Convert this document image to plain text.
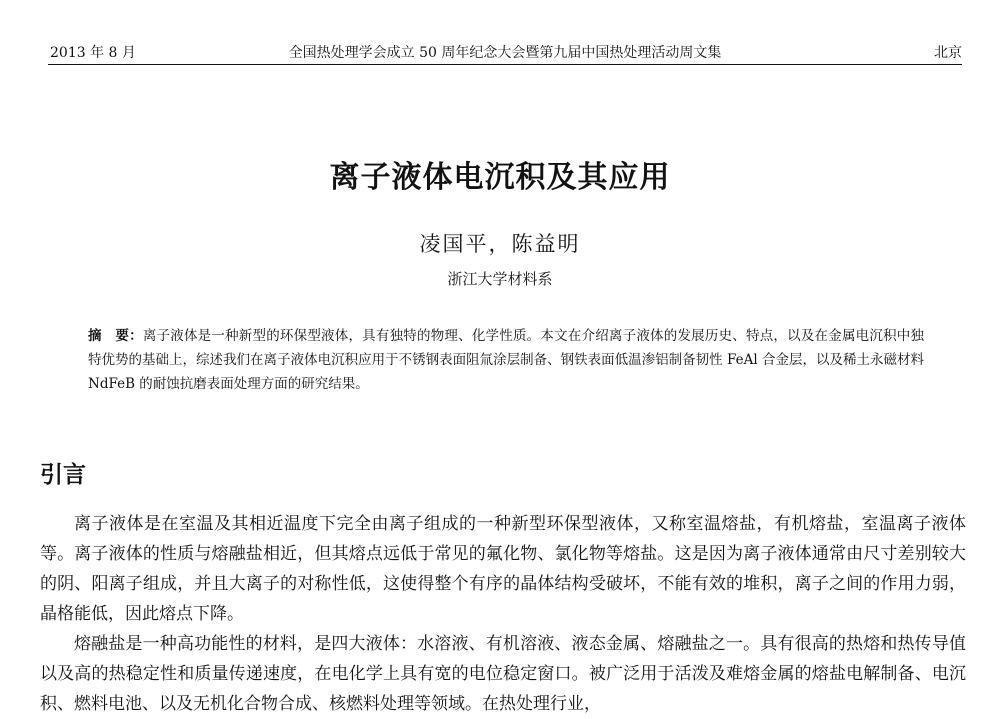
2013 年 8 月	全国热处理学会成立 50 周年纪念大会暨第九届中国热处理活动周文集	北京
离子液体电沉积及其应用
凌国平，陈益明
浙江大学材料系
摘　要：离子液体是一种新型的环保型液体，具有独特的物理、化学性质。本文在介绍离子液体的发展历史、特点，以及在金属电沉积中独特优势的基础上，综述我们在离子液体电沉积应用于不锈钢表面阻氚涂层制备、钢铁表面低温渗铝制备韧性 FeAl 合金层，以及稀土永磁材料 NdFeB 的耐蚀抗磨表面处理方面的研究结果。
引言

离子液体是在室温及其相近温度下完全由离子组成的一种新型环保型液体，又称室温熔盐，有机熔盐，室温离子液体等。离子液体的性质与熔融盐相近，但其熔点远低于常见的氟化物、氯化物等熔盐。这是因为离子液体通常由尺寸差别较大的阴、阳离子组成，并且大离子的对称性低，这使得整个有序的晶体结构受破坏，不能有效的堆积，离子之间的作用力弱，晶格能低，因此熔点下降。

熔融盐是一种高功能性的材料，是四大液体：水溶液、有机溶液、液态金属、熔融盐之一。具有很高的热熔和热传导值以及高的热稳定性和质量传递速度，在电化学上具有宽的电位稳定窗口。被广泛用于活泼及难熔金属的熔盐电解制备、电沉积、燃料电池、以及无机化合物合成、核燃料处理等领域。在热处理行业，
